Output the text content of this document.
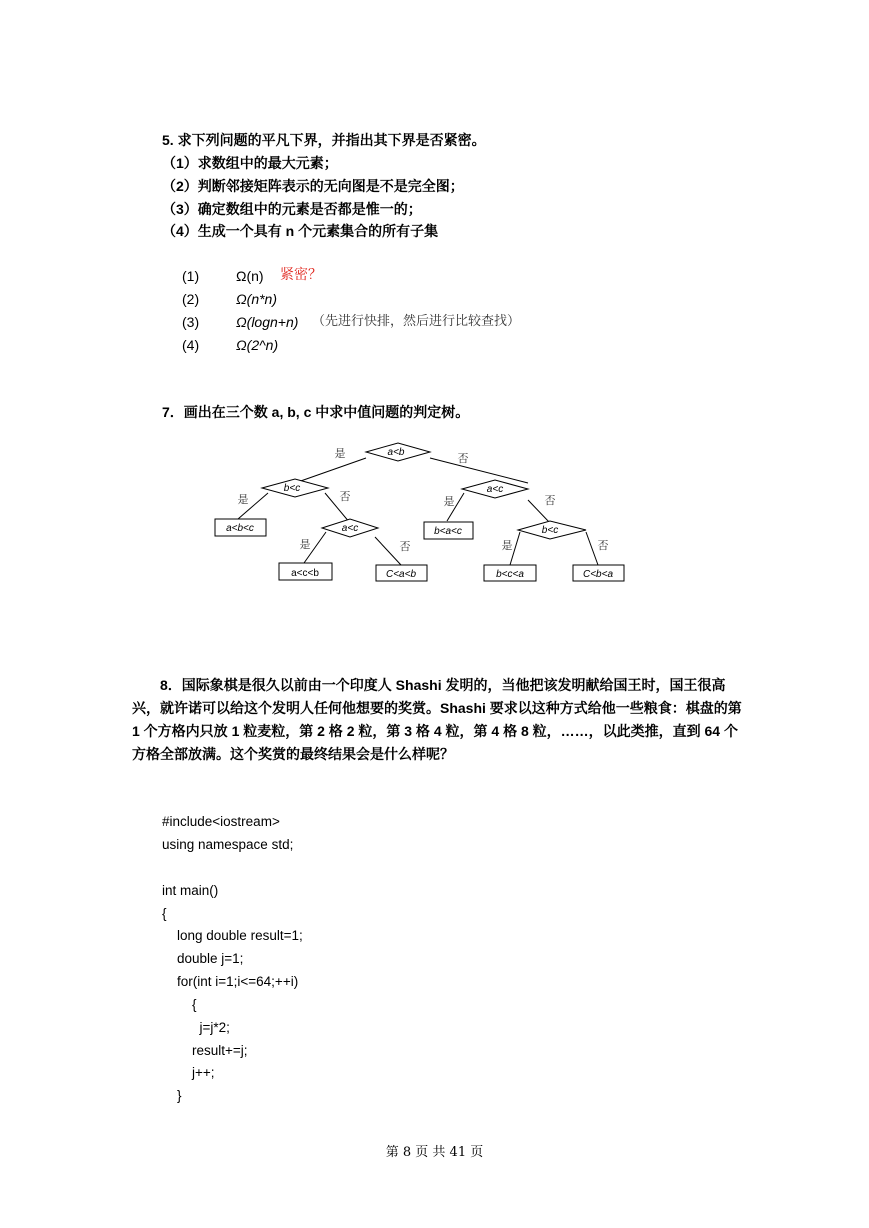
5. 求下列问题的平凡下界，并指出其下界是否紧密。
（1）求数组中的最大元素；
（2）判断邻接矩阵表示的无向图是不是完全图；
（3）确定数组中的元素是否都是惟一的；
（4）生成一个具有 n 个元素集合的所有子集
(1)	Ω(n) 紧密？
(2)	Ω(n*n)
(3)	Ω(logn+n) （先进行快排，然后进行比较查找）
(4)	Ω(2^n)
7．画出在三个数 a, b, c 中求中值问题的判定树。
a<b
b<c	a<c
a<c	b<c
a<b<c	b<a<c
a<c<b	C<a<b	b<c<a	C<b<a
是	否
是	否	是	否
是	否	是	否
8．国际象棋是很久以前由一个印度人 Shashi 发明的，当他把该发明献给国王时，国王很高兴，就许诺可以给这个发明人任何他想要的奖赏。Shashi 要求以这种方式给他一些粮食：棋盘的第 1 个方格内只放 1 粒麦粒，第 2 格 2 粒，第 3 格 4 粒，第 4 格 8 粒，……，以此类推，直到 64 个方格全部放满。这个奖赏的最终结果会是什么样呢？
#include<iostream>
using namespace std;
int main()
{
long double result=1;
double j=1;
for(int i=1;i<=64;++i)
{
j=j*2;
result+=j;
j++;
}
第 8 页 共 41 页
